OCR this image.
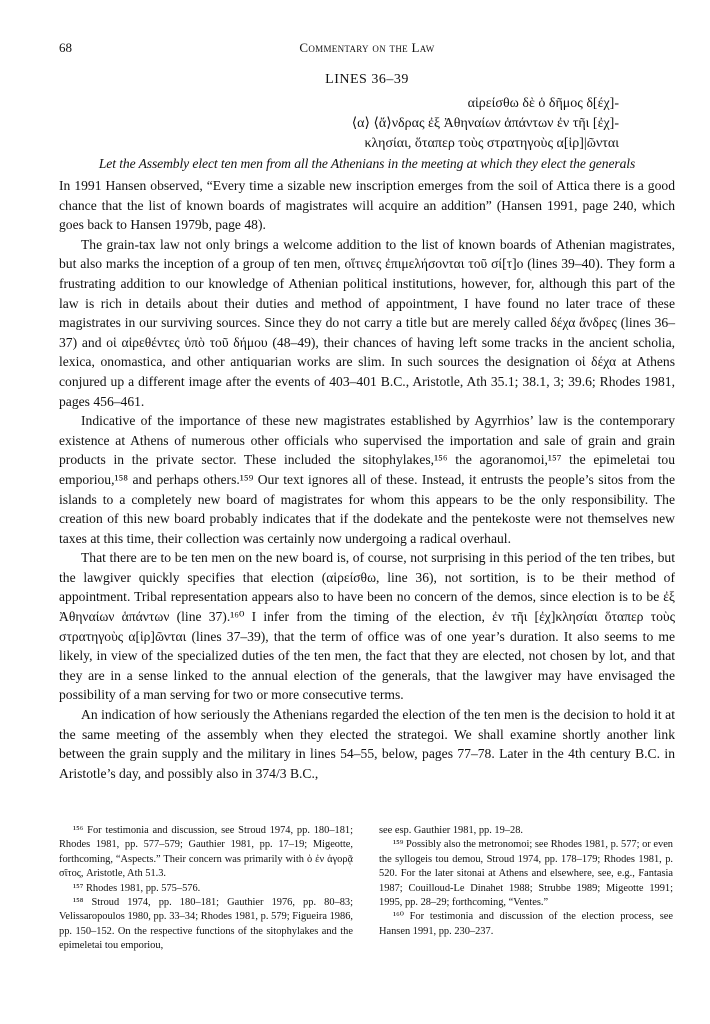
68	Commentary on the Law
LINES 36–39
αἱρείσθω δὲ ὁ δῆμος δ[έχ]-
⟨α⟩ ⟨ἄ⟩νδρας ἐξ Ἀθηναίων ἁπάντων ἐν τῆι [ἐχ]-
κλησίαι, ὅταπερ τοὺς στρατηγοὺς α[ἱρ]|ῶνται
Let the Assembly elect ten men from all the Athenians in the meeting at which they elect the generals

In 1991 Hansen observed, “Every time a sizable new inscription emerges from the soil of Attica there is a good chance that the list of known boards of magistrates will acquire an addition” (Hansen 1991, page 240, which goes back to Hansen 1979b, page 48).

The grain-tax law not only brings a welcome addition to the list of known boards of Athenian magistrates, but also marks the inception of a group of ten men, οἵτινες ἐπιμελήσονται τοῦ σί[τ]ο (lines 39–40). They form a frustrating addition to our knowledge of Athenian political institutions, however, for, although this part of the law is rich in details about their duties and method of appointment, I have found no later trace of these magistrates in our surviving sources. Since they do not carry a title but are merely called δέχα ἄνδρες (lines 36–37) and οἱ αἱρεθέντες ὑπὸ τοῦ δήμου (48–49), their chances of having left some tracks in the ancient scholia, lexica, onomastica, and other antiquarian works are slim. In such sources the designation οἱ δέχα at Athens conjured up a different image after the events of 403–401 B.C., Aristotle, Ath 35.1; 38.1, 3; 39.6; Rhodes 1981, pages 456–461.

Indicative of the importance of these new magistrates established by Agyrrhios’ law is the contemporary existence at Athens of numerous other officials who supervised the importation and sale of grain and grain products in the private sector. These included the sitophylakes,¹⁵⁶ the agoranomoi,¹⁵⁷ the epimeletai tou emporiou,¹⁵⁸ and perhaps others.¹⁵⁹ Our text ignores all of these. Instead, it entrusts the people’s sitos from the islands to a completely new board of magistrates for whom this appears to be the only responsibility. The creation of this new board probably indicates that if the dodekate and the pentekoste were not themselves new taxes at this time, their collection was certainly now undergoing a radical overhaul.

That there are to be ten men on the new board is, of course, not surprising in this period of the ten tribes, but the lawgiver quickly specifies that election (αἱρείσθω, line 36), not sortition, is to be their method of appointment. Tribal representation appears also to have been no concern of the demos, since election is to be ἐξ Ἀθηναίων ἁπάντων (line 37).¹⁶⁰ I infer from the timing of the election, ἐν τῆι [ἐχ]κλησίαι ὅταπερ τοὺς στρατηγοὺς α[ἱρ]ῶνται (lines 37–39), that the term of office was of one year’s duration. It also seems to me likely, in view of the specialized duties of the ten men, the fact that they are elected, not chosen by lot, and that they are in a sense linked to the annual election of the generals, that the lawgiver may have envisaged the possibility of a man serving for two or more consecutive terms.

An indication of how seriously the Athenians regarded the election of the ten men is the decision to hold it at the same meeting of the assembly when they elected the strategoi. We shall examine shortly another link between the grain supply and the military in lines 54–55, below, pages 77–78. Later in the 4th century B.C. in Aristotle’s day, and possibly also in 374/3 B.C.,

¹⁵⁶ For testimonia and discussion, see Stroud 1974, pp. 180–181; Rhodes 1981, pp. 577–579; Gauthier 1981, pp. 17–19; Migeotte, forthcoming, “Aspects.” Their concern was primarily with ὁ ἐν ἀγορᾷ σῖτος, Aristotle, Ath 51.3.

¹⁵⁷ Rhodes 1981, pp. 575–576.

¹⁵⁸ Stroud 1974, pp. 180–181; Gauthier 1976, pp. 80–83; Velissaropoulos 1980, pp. 33–34; Rhodes 1981, p. 579; Figueira 1986, pp. 150–152. On the respective functions of the sitophylakes and the epimeletai tou emporiou,

see esp. Gauthier 1981, pp. 19–28.

¹⁵⁹ Possibly also the metronomoi; see Rhodes 1981, p. 577; or even the syllogeis tou demou, Stroud 1974, pp. 178–179; Rhodes 1981, p. 520. For the later sitonai at Athens and elsewhere, see, e.g., Fantasia 1987; Couilloud-Le Dinahet 1988; Strubbe 1989; Migeotte 1991; 1995, pp. 28–29; forthcoming, “Ventes.”

¹⁶⁰ For testimonia and discussion of the election process, see Hansen 1991, pp. 230–237.
